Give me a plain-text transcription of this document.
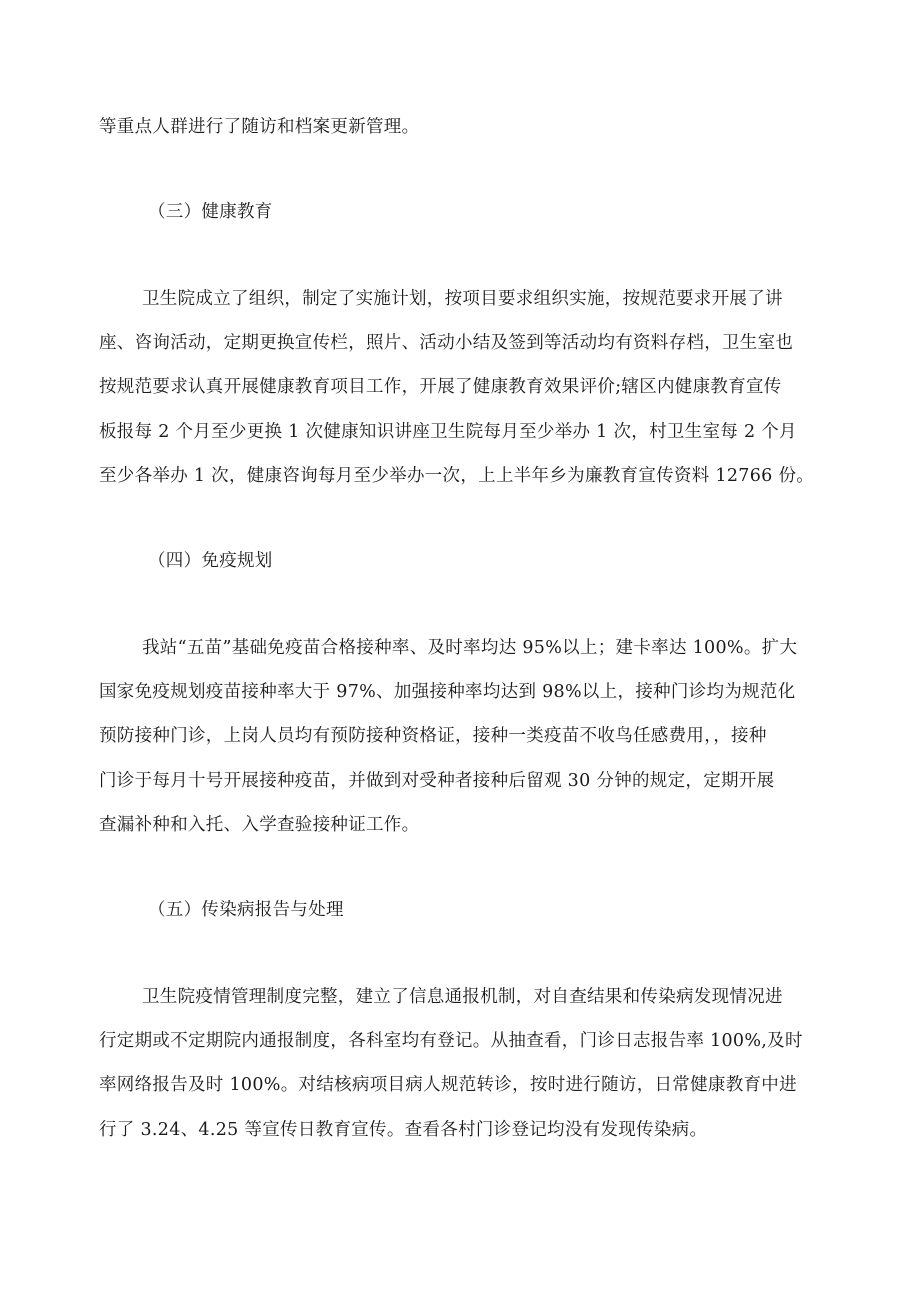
等重点人群进行了随访和档案更新管理。
（三）健康教育
卫生院成立了组织，制定了实施计划，按项目要求组织实施，按规范要求开展了讲
座、咨询活动，定期更换宣传栏，照片、活动小结及签到等活动均有资料存档，卫生室也
按规范要求认真开展健康教育项目工作，开展了健康教育效果评价;辖区内健康教育宣传
板报每 2 个月至少更换 1 次健康知识讲座卫生院每月至少举办 1 次，村卫生室每 2 个月
至少各举办 1 次，健康咨询每月至少举办一次，上上半年乡为廉教育宣传资料 12766 份。
（四）免疫规划
我站“五苗”基础免疫苗合格接种率、及时率均达 95%以上；建卡率达 100%。扩大
国家免疫规划疫苗接种率大于 97%、加强接种率均达到 98%以上，接种门诊均为规范化
预防接种门诊，上岗人员均有预防接种资格证，接种一类疫苗不收鸟任感费用，，接种
门诊于每月十号开展接种疫苗，并做到对受种者接种后留观 30 分钟的规定，定期开展
查漏补种和入托、入学查验接种证工作。
（五）传染病报告与处理
卫生院疫情管理制度完整，建立了信息通报机制，对自查结果和传染病发现情况进
行定期或不定期院内通报制度，各科室均有登记。从抽查看，门诊日志报告率 100%,及时
率网络报告及时 100%。对结核病项目病人规范转诊，按时进行随访，日常健康教育中进
行了 3.24、4.25 等宣传日教育宣传。查看各村门诊登记均没有发现传染病。
